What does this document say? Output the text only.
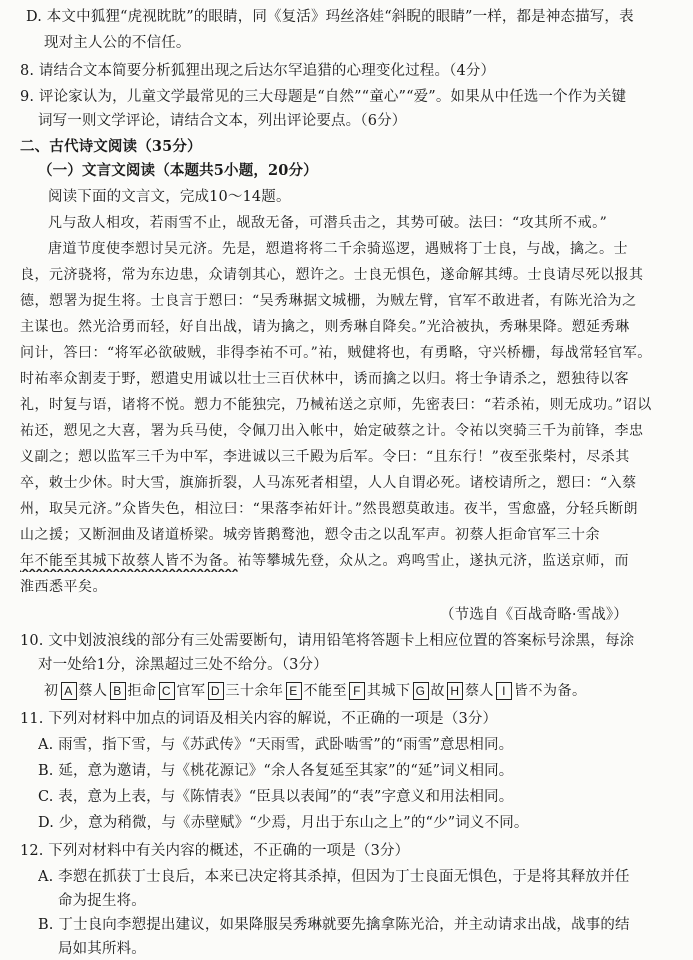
D. 本文中狐狸“虎视眈眈”的眼睛，同《复活》玛丝洛娃“斜睨的眼睛”一样，都是神态描写，表
现对主人公的不信任。
8. 请结合文本简要分析狐狸出现之后达尔罕追猎的心理变化过程。（4分）
9. 评论家认为，儿童文学最常见的三大母题是“自然”“童心”“爱”。如果从中任选一个作为关键
词写一则文学评论，请结合文本，列出评论要点。（6分）
二、古代诗文阅读（35分）
（一）文言文阅读（本题共5小题，20分）
阅读下面的文言文，完成10～14题。
凡与敌人相攻，若雨雪不止，觇敌无备，可潜兵击之，其势可破。法曰：“攻其所不戒。”
唐道节度使李愬讨吴元济。先是，愬遣将将二千余骑巡逻，遇贼将丁士良，与战，擒之。士
良，元济骁将，常为东边患，众请刳其心，愬许之。士良无惧色，遂命解其缚。士良请尽死以报其
德，愬署为捉生将。士良言于愬曰：“吴秀琳据文城栅，为贼左臂，官军不敢进者，有陈光洽为之
主谋也。然光洽勇而轻，好自出战，请为擒之，则秀琳自降矣。”光洽被执，秀琳果降。愬延秀琳
问计，答曰：“将军必欲破贼，非得李祐不可。”祐，贼健将也，有勇略，守兴桥栅，每战常轻官军。
时祐率众割麦于野，愬遣史用诚以壮士三百伏林中，诱而擒之以归。将士争请杀之，愬独待以客
礼，时复与语，诸将不悦。愬力不能独完，乃械祐送之京师，先密表曰：“若杀祐，则无成功。”诏以
祐还，愬见之大喜，署为兵马使，令佩刀出入帐中，始定破蔡之计。令祐以突骑三千为前锋，李忠
义副之；愬以监军三千为中军，李进诚以三千殿为后军。令曰：“且东行！”夜至张柴村，尽杀其
卒，敕士少休。时大雪，旗旆折裂，人马冻死者相望，人人自谓必死。诸校请所之，愬曰：“入蔡
州，取吴元济。”众皆失色，相泣曰：“果落李祐奸计。”然畏愬莫敢违。夜半，雪愈盛，分轻兵断朗
山之援；又断洄曲及诸道桥梁。城旁皆鹅鹜池，愬令击之以乱军声。初蔡人拒命官军三十余
年不能至其城下故蔡人皆不为备。祐等攀城先登，众从之。鸡鸣雪止，遂执元济，监送京师，而
淮西悉平矣。
（节选自《百战奇略·雪战》）
10. 文中划波浪线的部分有三处需要断句，请用铅笔将答题卡上相应位置的答案标号涂黑，每涂
对一处给1分，涂黑超过三处不给分。（3分）
初 A 蔡人 B 拒命 C 官军 D 三十余年 E 不能至 F 其城下 G 故 H 蔡人 I 皆不为备。
11. 下列对材料中加点的词语及相关内容的解说，不正确的一项是（3分）
A. 雨雪，指下雪，与《苏武传》“天雨雪，武卧啮雪”的“雨雪”意思相同。
B. 延，意为邀请，与《桃花源记》“余人各复延至其家”的“延”词义相同。
C. 表，意为上表，与《陈情表》“臣具以表闻”的“表”字意义和用法相同。
D. 少，意为稍微，与《赤壁赋》“少焉，月出于东山之上”的“少”词义不同。
12. 下列对材料中有关内容的概述，不正确的一项是（3分）
A. 李愬在抓获丁士良后，本来已决定将其杀掉，但因为丁士良面无惧色，于是将其释放并任
命为捉生将。
B. 丁士良向李愬提出建议，如果降服吴秀琳就要先擒拿陈光洽，并主动请求出战，战事的结
局如其所料。
